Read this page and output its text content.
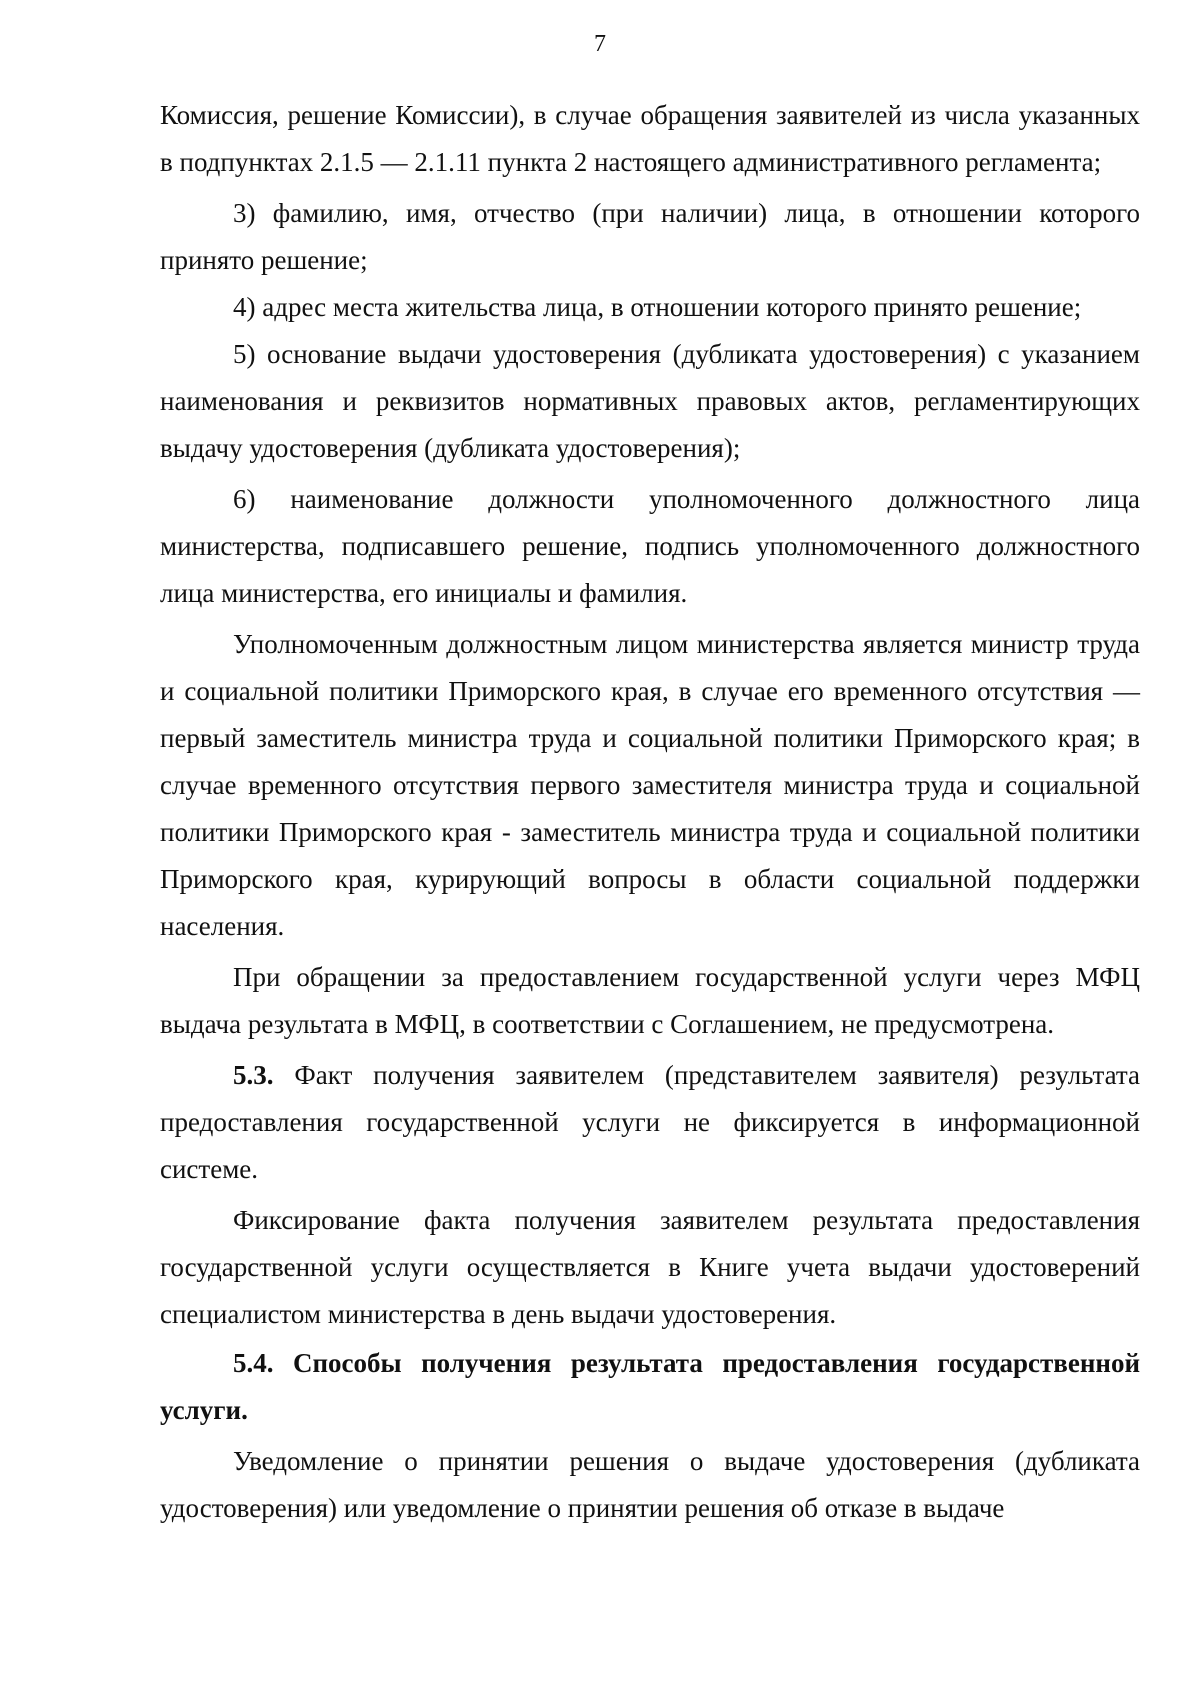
7

Комиссия, решение Комиссии), в случае обращения заявителей из числа указанных в подпунктах 2.1.5 — 2.1.11 пункта 2 настоящего административного регламента;

3) фамилию, имя, отчество (при наличии) лица, в отношении которого принято решение;

4) адрес места жительства лица, в отношении которого принято решение;

5) основание выдачи удостоверения (дубликата удостоверения) с указанием наименования и реквизитов нормативных правовых актов, регламентирующих выдачу удостоверения (дубликата удостоверения);

6) наименование должности уполномоченного должностного лица министерства, подписавшего решение, подпись уполномоченного должностного лица министерства, его инициалы и фамилия.

Уполномоченным должностным лицом министерства является министр труда и социальной политики Приморского края, в случае его временного отсутствия — первый заместитель министра труда и социальной политики Приморского края; в случае временного отсутствия первого заместителя министра труда и социальной политики Приморского края - заместитель министра труда и социальной политики Приморского края, курирующий вопросы в области социальной поддержки населения.

При обращении за предоставлением государственной услуги через МФЦ выдача результата в МФЦ, в соответствии с Соглашением, не предусмотрена.

5.3. Факт получения заявителем (представителем заявителя) результата предоставления государственной услуги не фиксируется в информационной системе.

Фиксирование факта получения заявителем результата предоставления государственной услуги осуществляется в Книге учета выдачи удостоверений специалистом министерства в день выдачи удостоверения.

5.4. Способы получения результата предоставления государственной услуги.

Уведомление о принятии решения о выдаче удостоверения (дубликата удостоверения) или уведомление о принятии решения об отказе в выдаче
